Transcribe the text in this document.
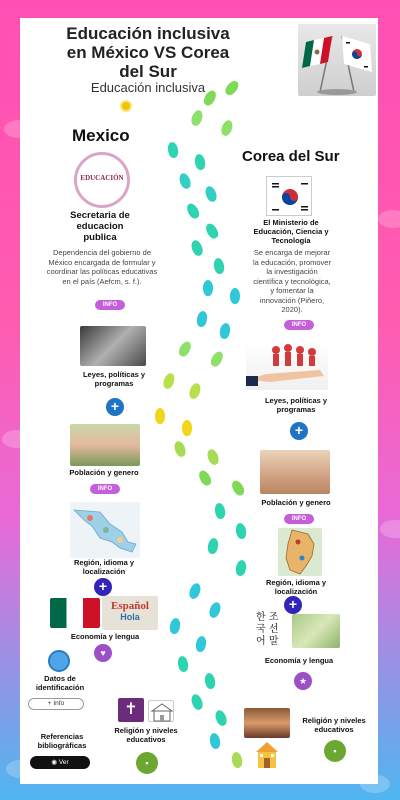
Educación inclusiva
en México VS Corea
del Sur
Educación inclusiva
Mexico
EDUCACIÓN
Secretaria de educacion publica
Dependencia del gobierno de México encargada de formular y coordinar las políticas educativas en el país (Aefcm, s. f.).
INFO
Leyes, políticas y programas
+
Población y genero
INFO
Región, idioma y localización
+
Español
Hola
Economía y lengua
♥
Datos de identificación
+ Info	✝
Religión y niveles educativos
▪
Referencias bibliográficas
◉ Ver
Corea del Sur
El Ministerio de Educación, Ciencia y Tecnología
Se encarga de mejorar la educación, promover la investigación científica y tecnológica, y fomentar la innovación (Piñero, 2020).
INFO
Leyes, políticas y programas
+
Población y genero
INFO
Región, idioma y localización
+
한 조
국 선
어 말
Economía y lengua
★
Religión y niveles educativos
▪
